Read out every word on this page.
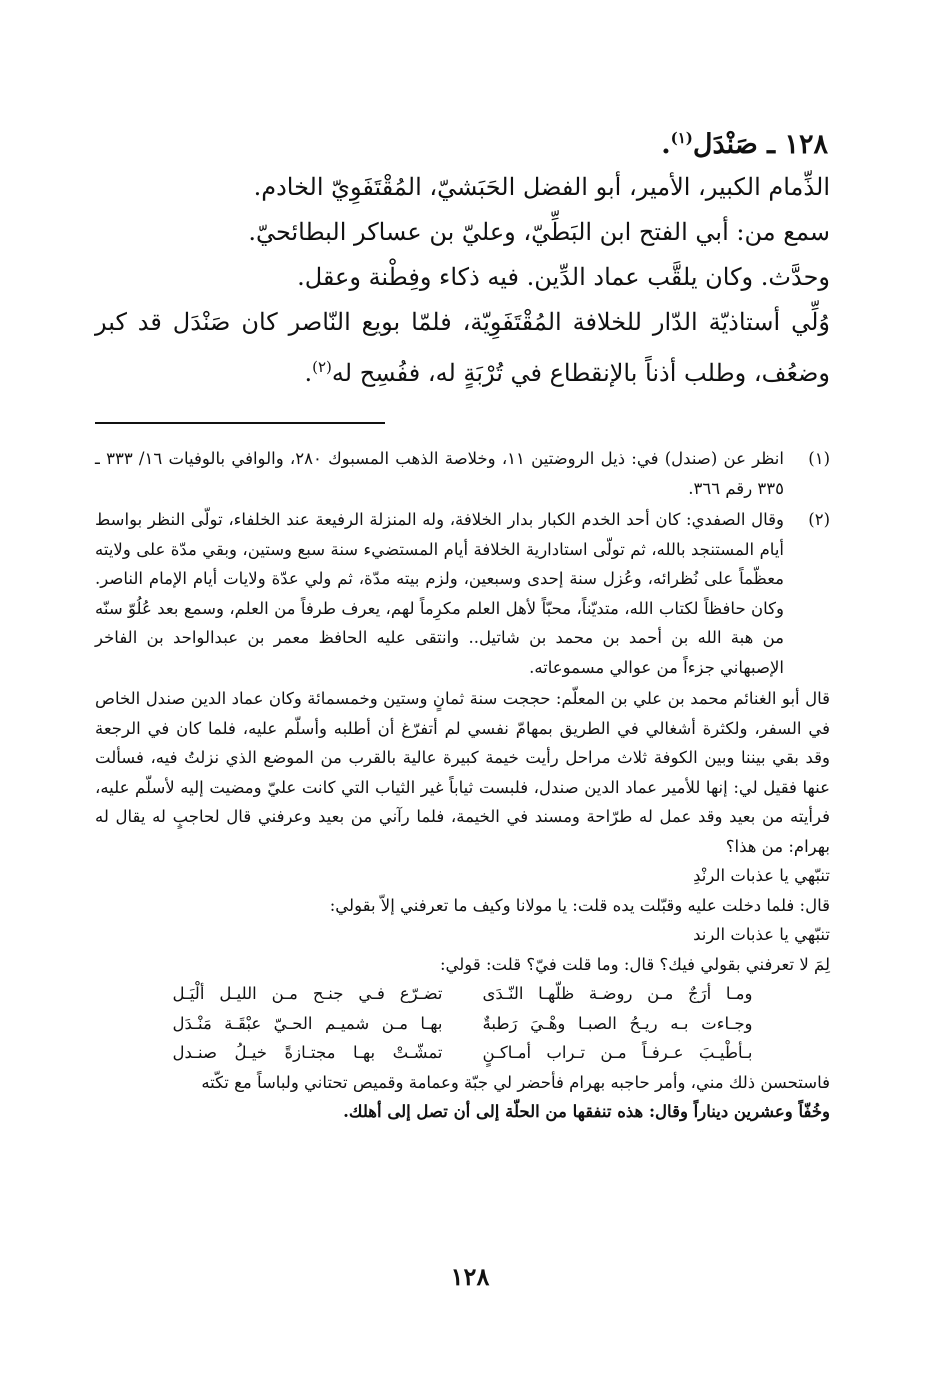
١٢٨ ـ صَنْدَل$^{(١)}$.

الذِّمام الكبير، الأمير، أبو الفضل الحَبَشيّ، المُقْتَفَوِيّ الخادم.

سمع من: أبي الفتح ابن البَطِّيّ، وعليّ بن عساكر البطائحيّ.

وحدَّث. وكان يلقَّب عماد الدِّين. فيه ذكاء وفِطْنة وعقل.

وُلِّي أستاذيّة الدّار للخلافة المُقْتَفَوِيّة، فلمّا بويع النّاصر كان صَنْدَل قد كبر وضعُف، وطلب أذناً بالإنقطاع في تُرْبَةٍ له، ففُسِح له$^{(٢)}$.

(١)

انظر عن (صندل) في: ذيل الروضتين ١١، وخلاصة الذهب المسبوك ٢٨٠، والوافي بالوفيات ١٦/ ٣٣٣ ـ ٣٣٥ رقم ٣٦٦.

(٢)

وقال الصفدي: كان أحد الخدم الكبار بدار الخلافة، وله المنزلة الرفيعة عند الخلفاء، تولّى النظر بواسط أيام المستنجد بالله، ثم تولّى استادارية الخلافة أيام المستضيء سنة سبع وستين، وبقي مدّة على ولايته معظّماً على نُظرائه، وعُزل سنة إحدى وسبعين، ولزم بيته مدّة، ثم ولي عدّة ولايات أيام الإمام الناصر. وكان حافظاً لكتاب الله، متديّناً، محبّاً لأهل العلم مكرِماً لهم، يعرف طرفاً من العلم، وسمع بعد عُلُوّ سنّه من هبة الله بن أحمد بن محمد بن شاتيل.. وانتقى عليه الحافظ معمر بن عبدالواحد بن الفاخر الإصبهاني جزءاً من عوالي مسموعاته.

قال أبو الغنائم محمد بن علي بن المعلّم: حججت سنة ثمانٍ وستين وخمسمائة وكان عماد الدين صندل الخاص في السفر، ولكثرة أشغالي في الطريق بمهامّ نفسي لم أتفرّغ أن أطلبه وأسلّم عليه، فلما كان في الرجعة وقد بقي بيننا وبين الكوفة ثلاث مراحل رأيت خيمة كبيرة عالية بالقرب من الموضع الذي نزلتُ فيه، فسألت عنها فقيل لي: إنها للأمير عماد الدين صندل، فلبست ثياباً غير الثياب التي كانت عليّ ومضيت إليه لأسلّم عليه، فرأيته من بعيد وقد عمل له طرّاحة ومسند في الخيمة، فلما رآني من بعيد وعرفني قال لحاجبٍ له يقال له بهرام: من هذا؟

تنبّهي يا عذبات الرنْدِ

قال: فلما دخلت عليه وقبّلت يده قلت: يا مولانا وكيف ما تعرفني إلاّ بقولي:

تنبّهي يا عذبات الرند

لِمَ لا تعرفني بقولي فيك؟ قال: وما قلت فيّ؟ قلت: قولي:

ومـا أرَجٌ مـن روضـة ظلّهـا النّـدَى
تضـرّع فـي جنـح مـن الليـل ألْيَـل
وجـاءت بـه ريـحُ الصبـا وهْـيَ رَطبةٌ
بهـا مـن شميـم الحـيّ عبْقَـة مَنْـدَل
بـأطْيـبَ عـرفـاً مـن تـراب أمـاكـنٍ
تمشّـتْ بهـا مجتـازةً خيـلُ صنـدل

فاستحسن ذلك مني، وأمر حاجبه بهرام فأحضر لي جبّة وعمامة وقميص تحتاني ولباساً مع تكّته

وخُفّاً وعشرين ديناراً وقال: هذه تنفقها من الحلّة إلى أن تصل إلى أهلك.

١٢٨
